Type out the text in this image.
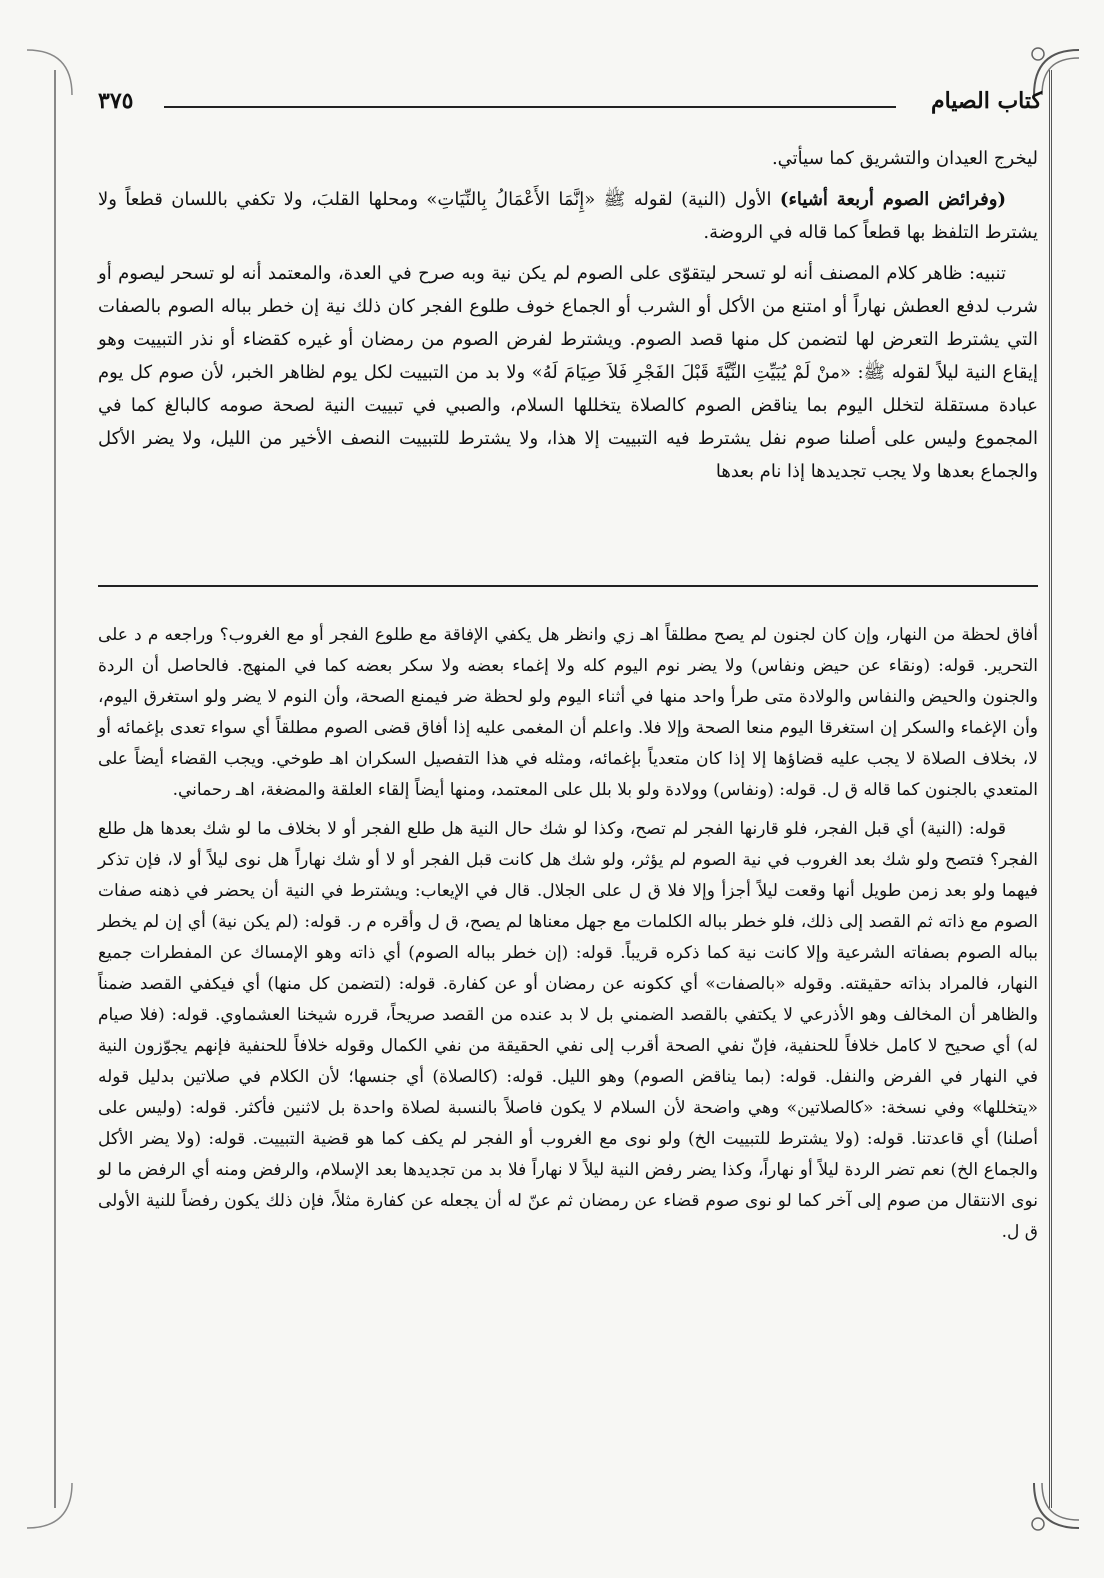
كتاب الصيام
٣٧٥

ليخرج العيدان والتشريق كما سيأتي.

(وفرائض الصوم أربعة أشياء) الأول (النية) لقوله ﷺ «إِنَّمَا الأَعْمَالُ بِالنِّيَاتِ» ومحلها القلبَ، ولا تكفي باللسان قطعاً ولا يشترط التلفظ بها قطعاً كما قاله في الروضة.

تنبيه: ظاهر كلام المصنف أنه لو تسحر ليتقوّى على الصوم لم يكن نية وبه صرح في العدة، والمعتمد أنه لو تسحر ليصوم أو شرب لدفع العطش نهاراً أو امتنع من الأكل أو الشرب أو الجماع خوف طلوع الفجر كان ذلك نية إن خطر بباله الصوم بالصفات التي يشترط التعرض لها لتضمن كل منها قصد الصوم. ويشترط لفرض الصوم من رمضان أو غيره كقضاء أو نذر التبييت وهو إيقاع النية ليلاً لقوله ﷺ: «منْ لَمْ يُبَيِّتِ النِّيَّةَ قَبْلَ الفَجْرِ فَلاَ صِيَامَ لَهُ» ولا بد من التبييت لكل يوم لظاهر الخبر، لأن صوم كل يوم عبادة مستقلة لتخلل اليوم بما يناقض الصوم كالصلاة يتخللها السلام، والصبي في تبييت النية لصحة صومه كالبالغ كما في المجموع وليس على أصلنا صوم نفل يشترط فيه التبييت إلا هذا، ولا يشترط للتبييت النصف الأخير من الليل، ولا يضر الأكل والجماع بعدها ولا يجب تجديدها إذا نام بعدها

أفاق لحظة من النهار، وإن كان لجنون لم يصح مطلقاً اهـ زي وانظر هل يكفي الإفاقة مع طلوع الفجر أو مع الغروب؟ وراجعه م د على التحرير. قوله: (ونقاء عن حيض ونفاس) ولا يضر نوم اليوم كله ولا إغماء بعضه ولا سكر بعضه كما في المنهج. فالحاصل أن الردة والجنون والحيض والنفاس والولادة متى طرأ واحد منها في أثناء اليوم ولو لحظة ضر فيمنع الصحة، وأن النوم لا يضر ولو استغرق اليوم، وأن الإغماء والسكر إن استغرقا اليوم منعا الصحة وإلا فلا. واعلم أن المغمى عليه إذا أفاق قضى الصوم مطلقاً أي سواء تعدى بإغمائه أو لا، بخلاف الصلاة لا يجب عليه قضاؤها إلا إذا كان متعدياً بإغمائه، ومثله في هذا التفصيل السكران اهـ طوخي. ويجب القضاء أيضاً على المتعدي بالجنون كما قاله ق ل. قوله: (ونفاس) وولادة ولو بلا بلل على المعتمد، ومنها أيضاً إلقاء العلقة والمضغة، اهـ رحماني.

قوله: (النية) أي قبل الفجر، فلو قارنها الفجر لم تصح، وكذا لو شك حال النية هل طلع الفجر أو لا بخلاف ما لو شك بعدها هل طلع الفجر؟ فتصح ولو شك بعد الغروب في نية الصوم لم يؤثر، ولو شك هل كانت قبل الفجر أو لا أو شك نهاراً هل نوى ليلاً أو لا، فإن تذكر فيهما ولو بعد زمن طويل أنها وقعت ليلاً أجزأ وإلا فلا ق ل على الجلال. قال في الإيعاب: ويشترط في النية أن يحضر في ذهنه صفات الصوم مع ذاته ثم القصد إلى ذلك، فلو خطر بباله الكلمات مع جهل معناها لم يصح، ق ل وأقره م ر. قوله: (لم يكن نية) أي إن لم يخطر بباله الصوم بصفاته الشرعية وإلا كانت نية كما ذكره قريباً. قوله: (إن خطر بباله الصوم) أي ذاته وهو الإمساك عن المفطرات جميع النهار، فالمراد بذاته حقيقته. وقوله «بالصفات» أي ككونه عن رمضان أو عن كفارة. قوله: (لتضمن كل منها) أي فيكفي القصد ضمناً والظاهر أن المخالف وهو الأذرعي لا يكتفي بالقصد الضمني بل لا بد عنده من القصد صريحاً، قرره شيخنا العشماوي. قوله: (فلا صيام له) أي صحيح لا كامل خلافاً للحنفية، فإنّ نفي الصحة أقرب إلى نفي الحقيقة من نفي الكمال وقوله خلافاً للحنفية فإنهم يجوّزون النية في النهار في الفرض والنفل. قوله: (بما يناقض الصوم) وهو الليل. قوله: (كالصلاة) أي جنسها؛ لأن الكلام في صلاتين بدليل قوله «يتخللها» وفي نسخة: «كالصلاتين» وهي واضحة لأن السلام لا يكون فاصلاً بالنسبة لصلاة واحدة بل لاثنين فأكثر. قوله: (وليس على أصلنا) أي قاعدتنا. قوله: (ولا يشترط للتبييت الخ) ولو نوى مع الغروب أو الفجر لم يكف كما هو قضية التبييت. قوله: (ولا يضر الأكل والجماع الخ) نعم تضر الردة ليلاً أو نهاراً، وكذا يضر رفض النية ليلاً لا نهاراً فلا بد من تجديدها بعد الإسلام، والرفض ومنه أي الرفض ما لو نوى الانتقال من صوم إلى آخر كما لو نوى صوم قضاء عن رمضان ثم عنّ له أن يجعله عن كفارة مثلاً، فإن ذلك يكون رفضاً للنية الأولى ق ل.
